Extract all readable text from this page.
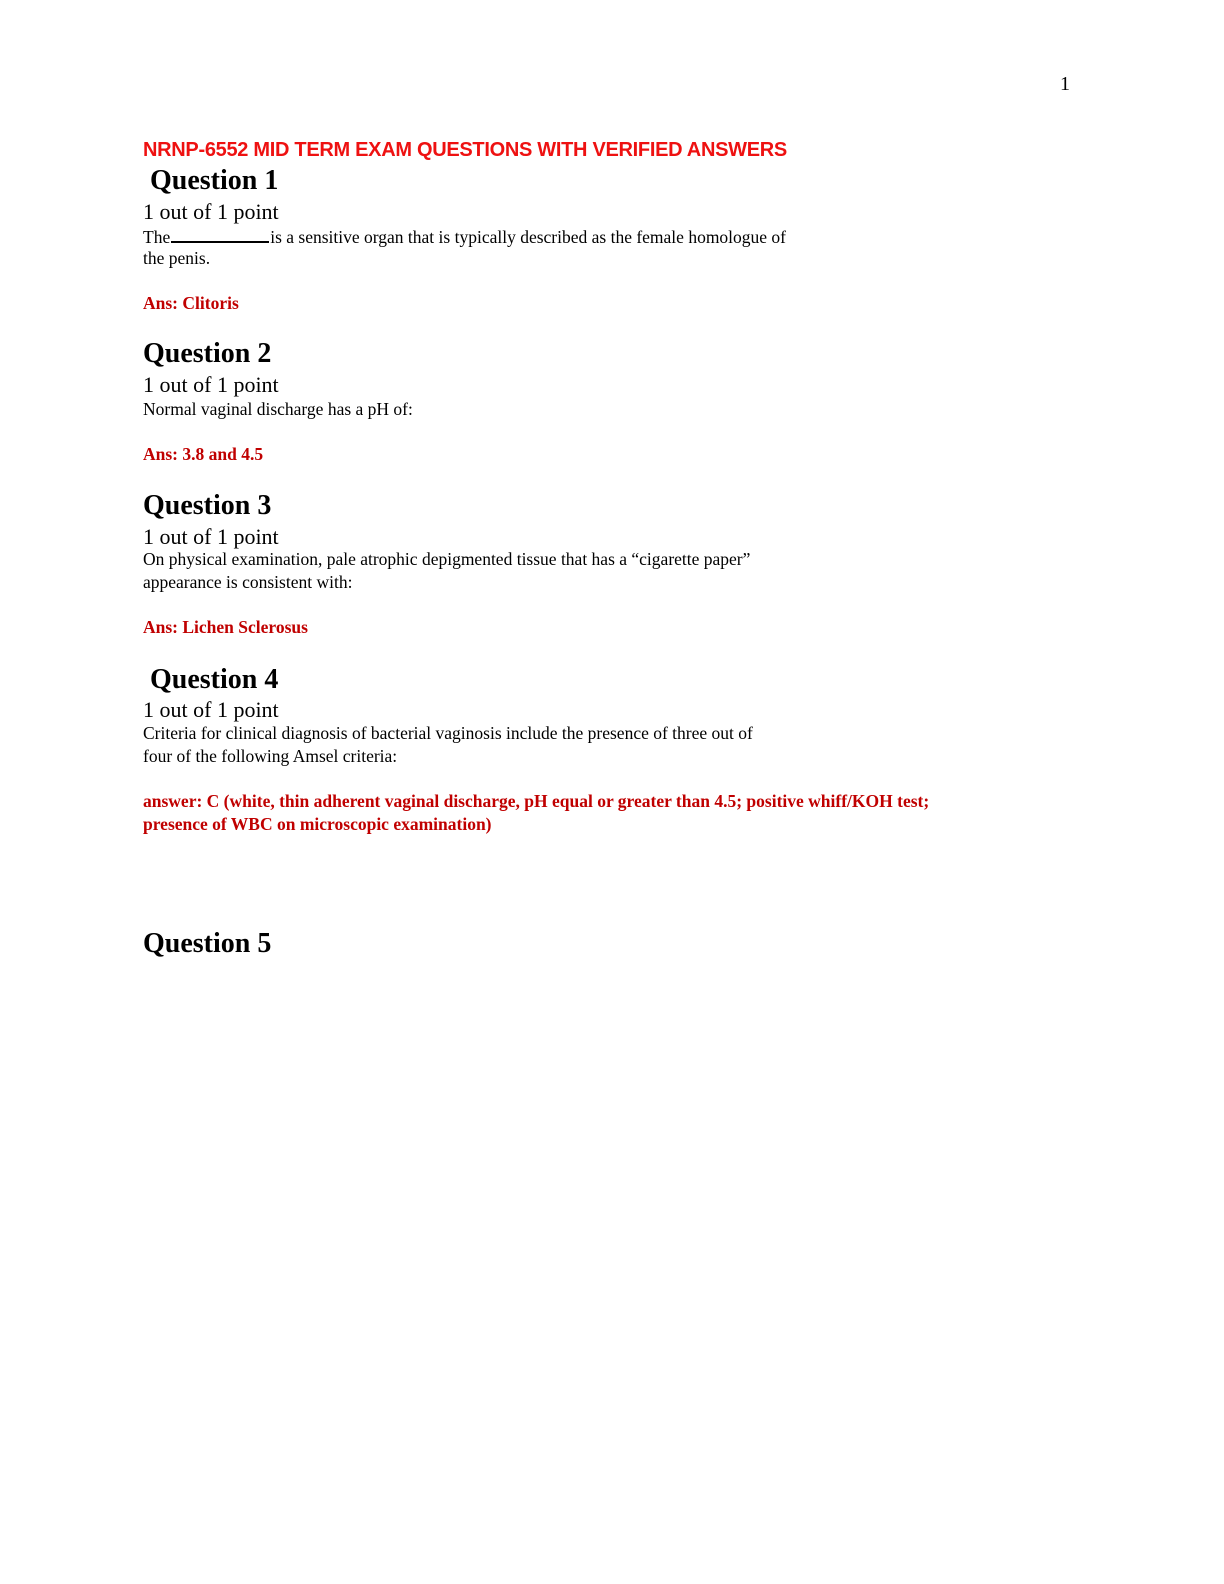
1
NRNP-6552 MID TERM EXAM QUESTIONS WITH VERIFIED ANSWERS
Question 1
1 out of 1 point
The	is a sensitive organ that is typically described as the female homologue of
the penis.
Ans: Clitoris
Question 2
1 out of 1 point
Normal vaginal discharge has a pH of:
Ans: 3.8 and 4.5
Question 3
1 out of 1 point
On physical examination, pale atrophic depigmented tissue that has a “cigarette paper”
appearance is consistent with:
Ans: Lichen Sclerosus
Question 4
1 out of 1 point
Criteria for clinical diagnosis of bacterial vaginosis include the presence of three out of
four of the following Amsel criteria:
answer: C (white, thin adherent vaginal discharge, pH equal or greater than 4.5; positive whiff/KOH test;
presence of WBC on microscopic examination)
Question 5
